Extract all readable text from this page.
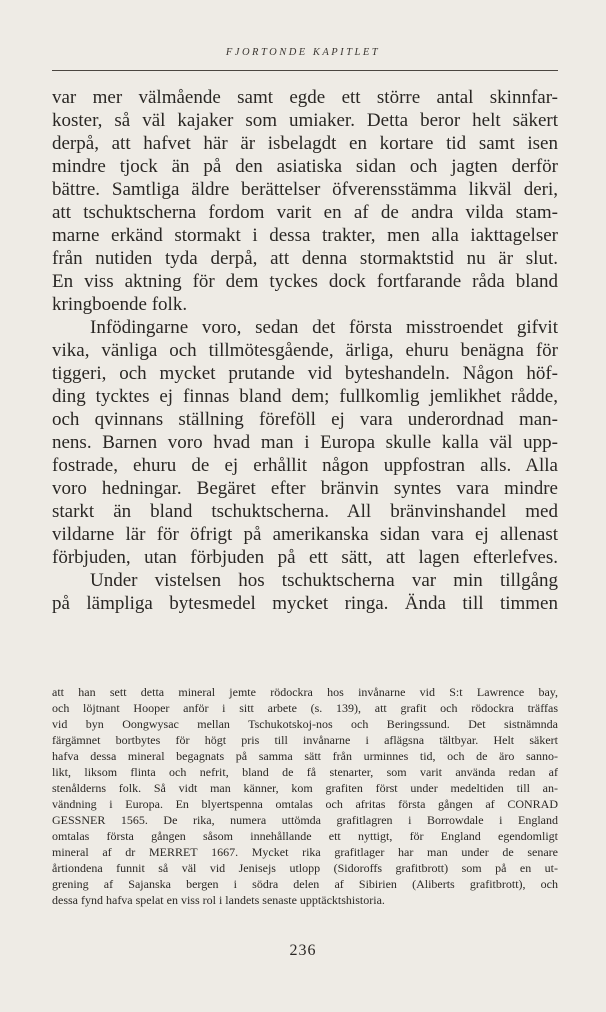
FJORTONDE KAPITLET
var mer välmående samt egde ett större antal skinnfar-
koster, så väl kajaker som umiaker. Detta beror helt säkert
derpå, att hafvet här är isbelagdt en kortare tid samt isen
mindre tjock än på den asiatiska sidan och jagten derför
bättre. Samtliga äldre berättelser öfverensstämma likväl deri,
att tschuktscherna fordom varit en af de andra vilda stam-
marne erkänd stormakt i dessa trakter, men alla iakttagelser
från nutiden tyda derpå, att denna stormaktstid nu är slut.
En viss aktning för dem tyckes dock fortfarande råda bland
kringboende folk.
Infödingarne voro, sedan det första misstroendet gifvit
vika, vänliga och tillmötesgående, ärliga, ehuru benägna för
tiggeri, och mycket prutande vid byteshandeln. Någon höf-
ding tycktes ej finnas bland dem; fullkomlig jemlikhet rådde,
och qvinnans ställning föreföll ej vara underordnad man-
nens. Barnen voro hvad man i Europa skulle kalla väl upp-
fostrade, ehuru de ej erhållit någon uppfostran alls. Alla
voro hedningar. Begäret efter bränvin syntes vara mindre
starkt än bland tschuktscherna. All bränvinshandel med
vildarne lär för öfrigt på amerikanska sidan vara ej allenast
förbjuden, utan förbjuden på ett sätt, att lagen efterlefves.
Under vistelsen hos tschuktscherna var min tillgång
på lämpliga bytesmedel mycket ringa. Ända till timmen
att han sett detta mineral jemte rödockra hos invånarne vid S:t Lawrence bay,
och löjtnant Hooper anför i sitt arbete (s. 139), att grafit och rödockra träffas
vid byn Oongwysac mellan Tschukotskoj-nos och Beringssund. Det sistnämnda
färgämnet bortbytes för högt pris till invånarne i aflägsna tältbyar. Helt säkert
hafva dessa mineral begagnats på samma sätt från urminnes tid, och de äro sanno-
likt, liksom flinta och nefrit, bland de få stenarter, som varit använda redan af
stenålderns folk. Så vidt man känner, kom grafiten först under medeltiden till an-
vändning i Europa. En blyertspenna omtalas och afritas första gången af CONRAD
GESSNER 1565. De rika, numera uttömda grafitlagren i Borrowdale i England
omtalas första gången såsom innehållande ett nyttigt, för England egendomligt
mineral af dr MERRET 1667. Mycket rika grafitlager har man under de senare
årtiondena funnit så väl vid Jenisejs utlopp (Sidoroffs grafitbrott) som på en ut-
grening af Sajanska bergen i södra delen af Sibirien (Aliberts grafitbrott), och
dessa fynd hafva spelat en viss rol i landets senaste upptäcktshistoria.
236
